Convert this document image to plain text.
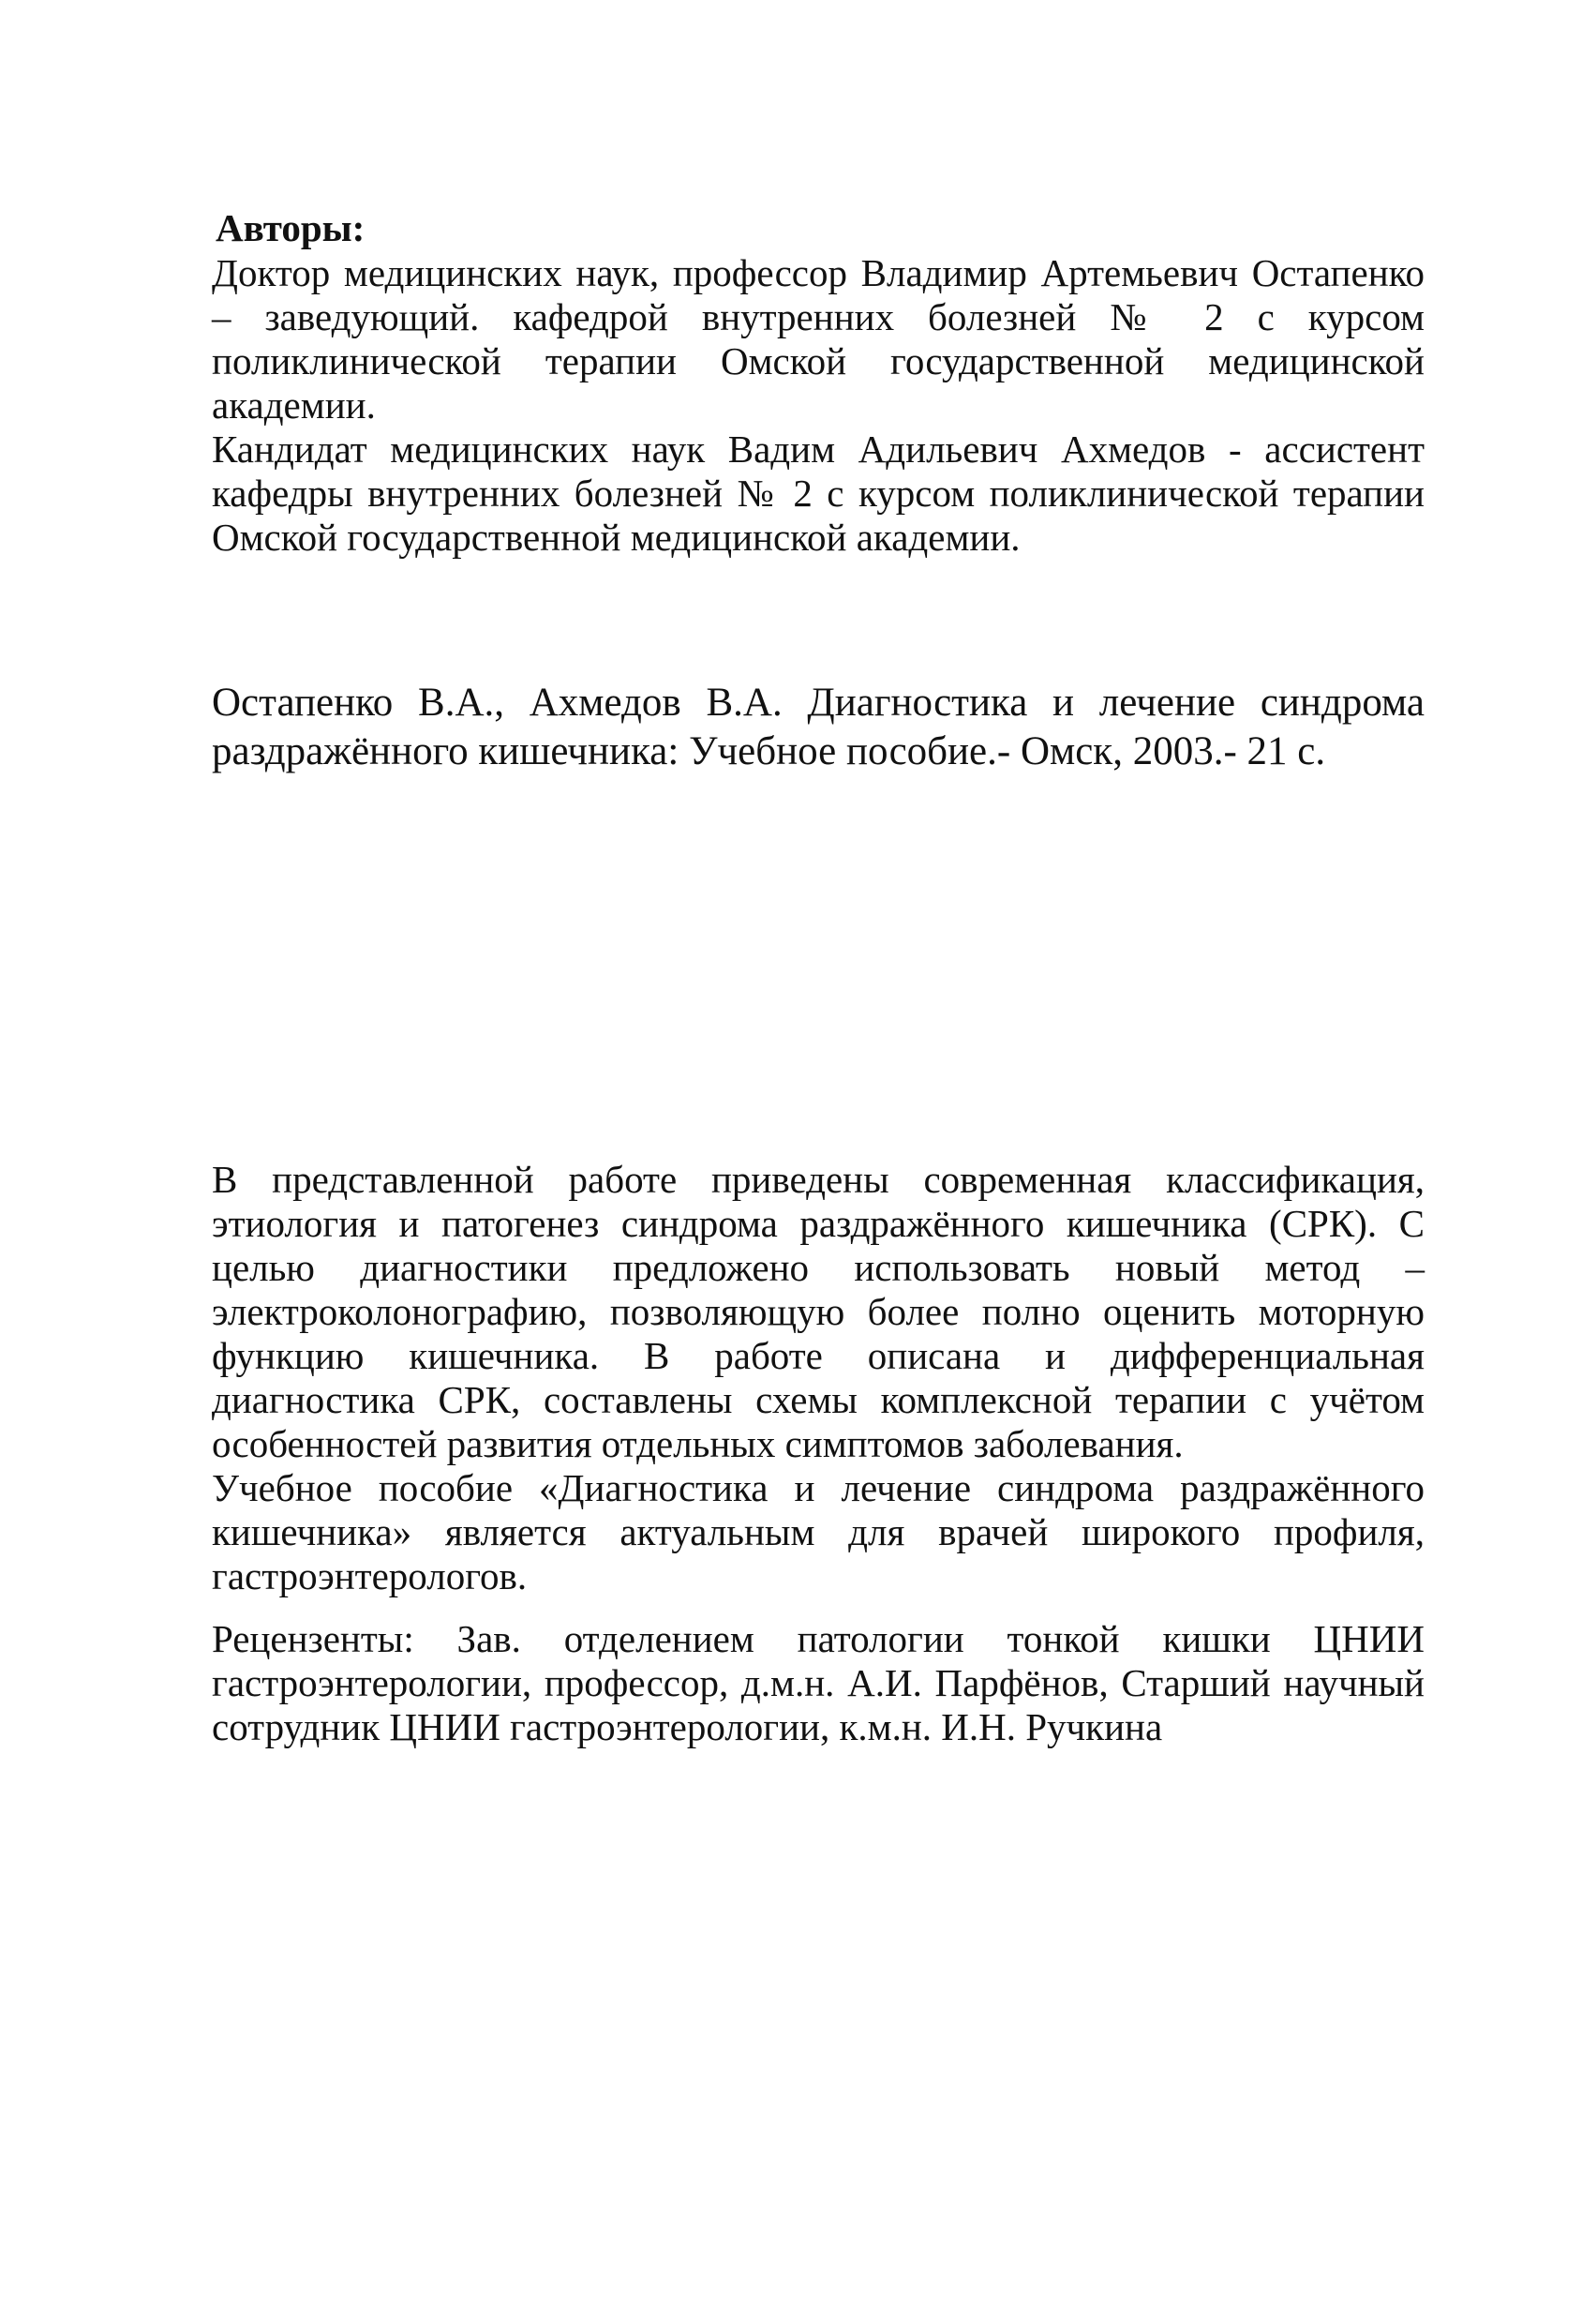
Авторы:

Доктор медицинских наук, профессор Владимир Артемьевич Остапенко – заведующий. кафедрой внутренних болезней № 2 с курсом поликлинической терапии Омской государственной медицинской академии.

Кандидат медицинских наук Вадим Адильевич Ахмедов - ассистент кафедры внутренних болезней № 2 с курсом поликлинической терапии Омской государственной медицинской академии.

Остапенко В.А., Ахмедов В.А. Диагностика и лечение синдрома раздражённого кишечника: Учебное пособие.- Омск, 2003.- 21 с.

В представленной работе приведены современная классификация, этиология и патогенез синдрома раздражённого кишечника (СРК). С целью диагностики предложено использовать новый метод – электроколонографию, позволяющую более полно оценить моторную функцию кишечника. В работе описана и дифференциальная диагностика СРК, составлены схемы комплексной терапии с учётом особенностей развития отдельных симптомов заболевания.

Учебное пособие «Диагностика и лечение синдрома раздражённого кишечника» является актуальным для врачей широкого профиля, гастроэнтерологов.

Рецензенты: Зав. отделением патологии тонкой кишки ЦНИИ гастроэнтерологии, профессор, д.м.н. А.И. Парфёнов, Старший научный сотрудник ЦНИИ гастроэнтерологии, к.м.н. И.Н. Ручкина
